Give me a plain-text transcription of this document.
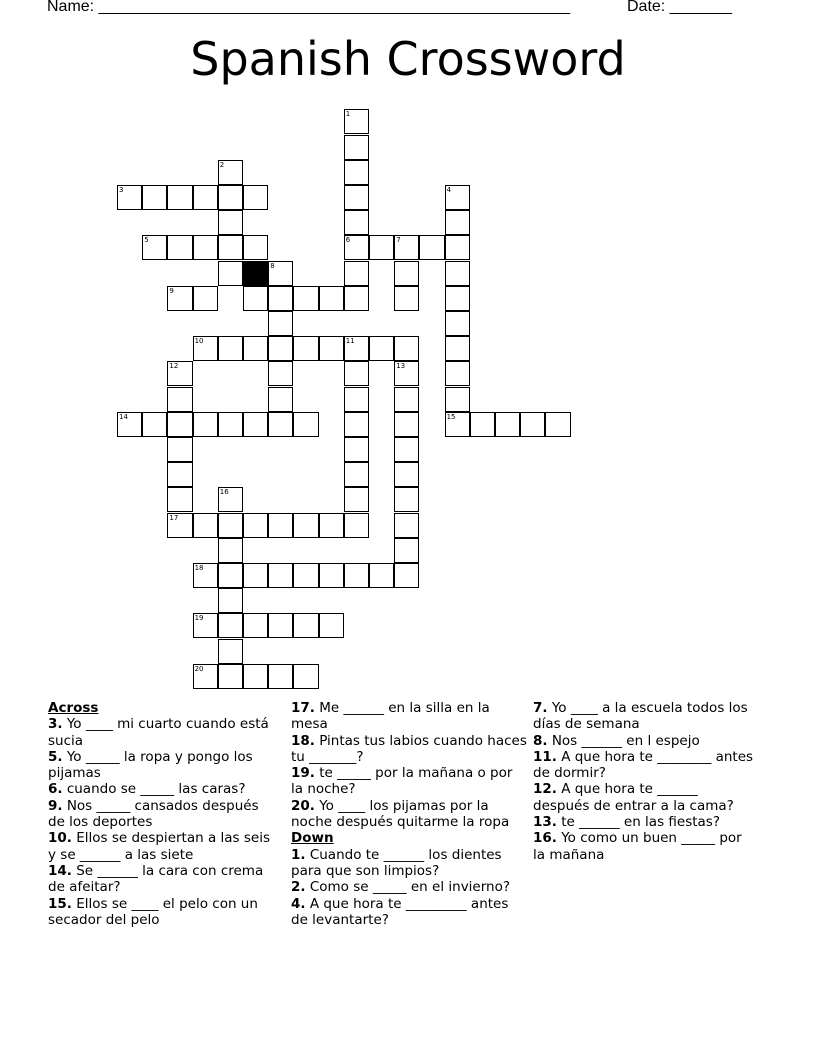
Name: _____________________________________________________	Date: _______
Spanish Crossword
1
6
2
3	4
5	7
8
9
10	11
12
17
13
14	15
16
18
19
20
Across
3. Yo ____ mi cuarto cuando está sucia
5. Yo _____ la ropa y pongo los pijamas
6. cuando se _____ las caras?
9. Nos _____ cansados después de los deportes
10. Ellos se despiertan a las seis y se ______ a las siete
14. Se ______ la cara con crema de afeitar?
15. Ellos se ____ el pelo con un secador del pelo
17. Me ______ en la silla en la mesa
18. Pintas tus labios cuando haces tu _______?
19. te _____ por la mañana o por la noche?
20. Yo ____ los pijamas por la noche después quitarme la ropa
Down
1. Cuando te ______ los dientes para que son limpios?
2. Como se _____ en el invierno?
4. A que hora te _________ antes de levantarte?
7. Yo ____ a la escuela todos los días de semana
8. Nos ______ en l espejo
11. A que hora te ________ antes de dormir?
12. A que hora te ______ después de entrar a la cama?
13. te ______ en las fiestas?
16. Yo como un buen _____ por la mañana
